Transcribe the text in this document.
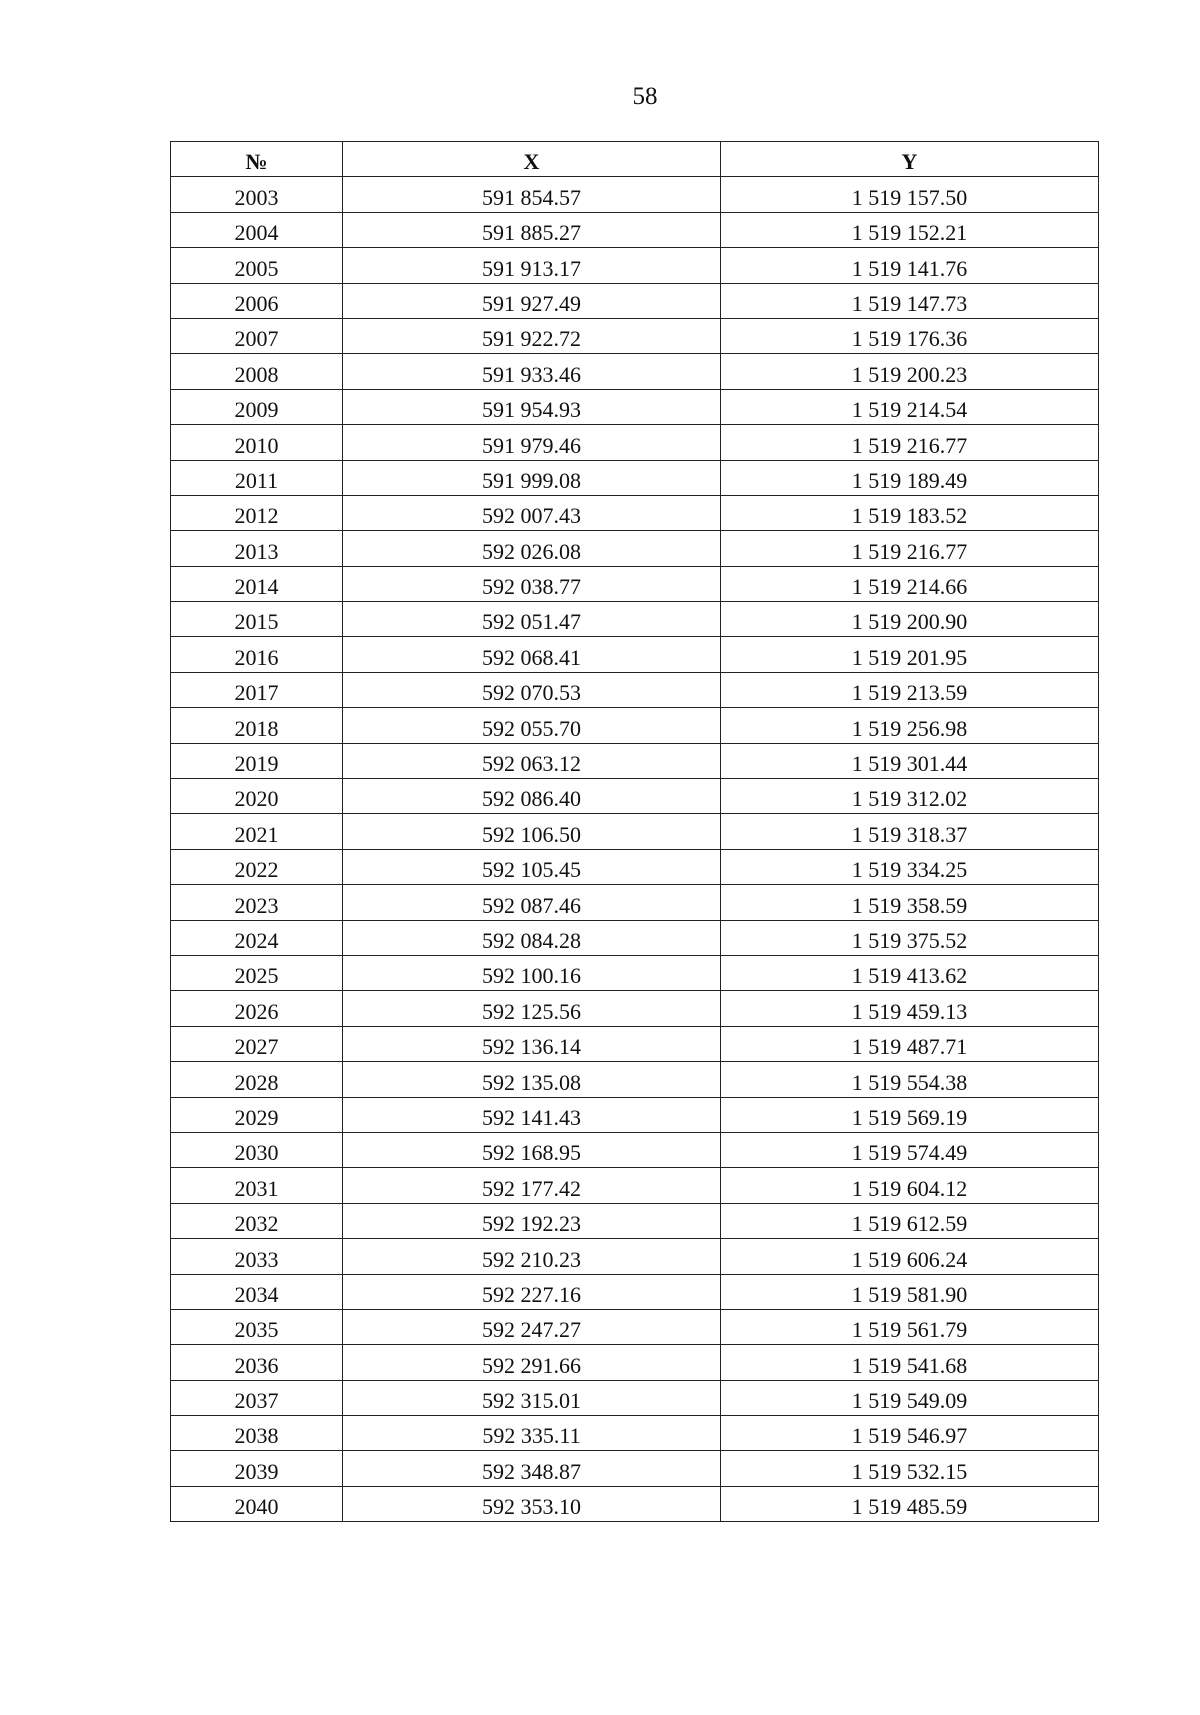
58
№	X	Y
2003	591 854.57	1 519 157.50
2004	591 885.27	1 519 152.21
2005	591 913.17	1 519 141.76
2006	591 927.49	1 519 147.73
2007	591 922.72	1 519 176.36
2008	591 933.46	1 519 200.23
2009	591 954.93	1 519 214.54
2010	591 979.46	1 519 216.77
2011	591 999.08	1 519 189.49
2012	592 007.43	1 519 183.52
2013	592 026.08	1 519 216.77
2014	592 038.77	1 519 214.66
2015	592 051.47	1 519 200.90
2016	592 068.41	1 519 201.95
2017	592 070.53	1 519 213.59
2018	592 055.70	1 519 256.98
2019	592 063.12	1 519 301.44
2020	592 086.40	1 519 312.02
2021	592 106.50	1 519 318.37
2022	592 105.45	1 519 334.25
2023	592 087.46	1 519 358.59
2024	592 084.28	1 519 375.52
2025	592 100.16	1 519 413.62
2026	592 125.56	1 519 459.13
2027	592 136.14	1 519 487.71
2028	592 135.08	1 519 554.38
2029	592 141.43	1 519 569.19
2030	592 168.95	1 519 574.49
2031	592 177.42	1 519 604.12
2032	592 192.23	1 519 612.59
2033	592 210.23	1 519 606.24
2034	592 227.16	1 519 581.90
2035	592 247.27	1 519 561.79
2036	592 291.66	1 519 541.68
2037	592 315.01	1 519 549.09
2038	592 335.11	1 519 546.97
2039	592 348.87	1 519 532.15
2040	592 353.10	1 519 485.59
